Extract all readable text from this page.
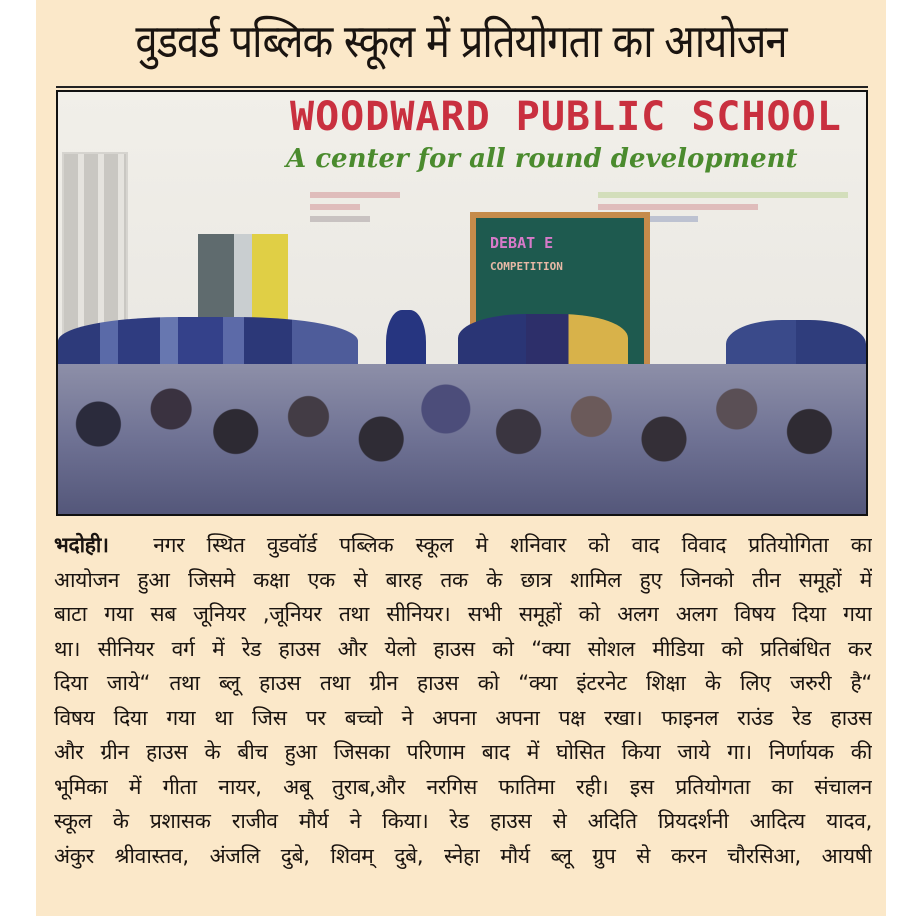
वुडवर्ड पब्लिक स्कूल में प्रतियोगता का आयोजन
WOODWARD PUBLIC SCHOOL
A center for all round development
DEBAT E
COMPETITION
भदोही। नगर स्थित वुडवॉर्ड पब्लिक स्कूल मे शनिवार को वाद विवाद प्रतियोगिता का
आयोजन हुआ जिसमे कक्षा एक से बारह तक के छात्र शामिल हुए जिनको तीन समूहों में
बाटा गया सब जूनियर ,जूनियर तथा सीनियर। सभी समूहों को अलग अलग विषय दिया गया
था। सीनियर वर्ग में रेड हाउस और येलो हाउस को “क्या सोशल मीडिया को प्रतिबंधित कर
दिया जाये“ तथा ब्लू हाउस तथा ग्रीन हाउस को “क्या इंटरनेट शिक्षा के लिए जरुरी है“
विषय दिया गया था जिस पर बच्चो ने अपना अपना पक्ष रखा। फाइनल राउंड रेड हाउस
और ग्रीन हाउस के बीच हुआ जिसका परिणाम बाद में घोसित किया जाये गा। निर्णायक की
भूमिका में गीता नायर, अबू तुराब,और नरगिस फातिमा रही। इस प्रतियोगता का संचालन
स्कूल के प्रशासक राजीव मौर्य ने किया। रेड हाउस से अदिति प्रियदर्शनी आदित्य यादव,
अंकुर श्रीवास्तव, अंजलि दुबे, शिवम् दुबे, स्नेहा मौर्य ब्लू ग्रुप से करन चौरसिआ, आयषी
